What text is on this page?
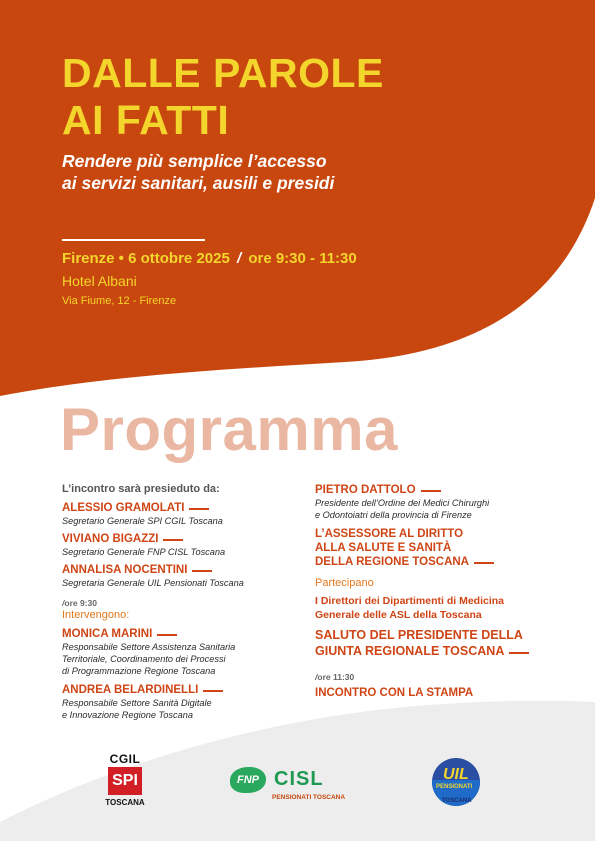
DALLE PAROLE
AI FATTI

Rendere più semplice l’accesso
ai servizi sanitari, ausili e presidi

Firenze • 6 ottobre 2025 / ore 9:30 - 11:30
Hotel Albani
Via Fiume, 12 - Firenze
Programma
L’incontro sarà presieduto da:
ALESSIO GRAMOLATI
Segretario Generale SPI CGIL Toscana
VIVIANO BIGAZZI
Segretario Generale FNP CISL Toscana
ANNALISA NOCENTINI
Segretaria Generale UIL Pensionati Toscana
/ore 9:30
Intervengono:
MONICA MARINI
Responsabile Settore Assistenza Sanitaria
Territoriale, Coordinamento dei Processi
di Programmazione Regione Toscana
ANDREA BELARDINELLI
Responsabile Settore Sanità Digitale
e Innovazione Regione Toscana
PIETRO DATTOLO
Presidente dell’Ordine dei Medici Chirurghi
e Odontoiatri della provincia di Firenze
L’ASSESSORE AL DIRITTO
ALLA SALUTE E SANITÀ
DELLA REGIONE TOSCANA
Partecipano
I Direttori dei Dipartimenti di Medicina
Generale delle ASL della Toscana
SALUTO DEL PRESIDENTE DELLA
GIUNTA REGIONALE TOSCANA
/ore 11:30
INCONTRO CON LA STAMPA
CGIL
SPI
TOSCANA
FNP CISL
PENSIONATI TOSCANA
UIL
PENSIONATI
TOSCANA
